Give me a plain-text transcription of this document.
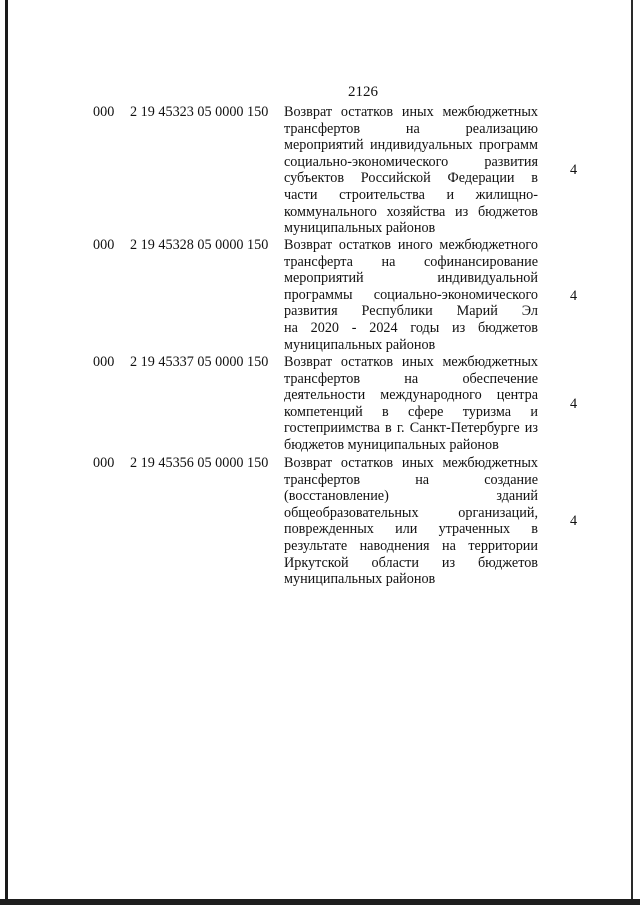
2126
000 2 19 45323 05 0000 150 Возврат остатков иных межбюджетных
трансфертов на реализацию
мероприятий индивидуальных программ
социально-экономического развития
субъектов Российской Федерации в
части строительства и жилищно-
коммунального хозяйства из бюджетов
муниципальных районов
4
000 2 19 45328 05 0000 150 Возврат остатков иного межбюджетного
трансферта на софинансирование
мероприятий индивидуальной
программы социально-экономического
развития Республики Марий Эл
на 2020 - 2024 годы из бюджетов
муниципальных районов
4
000 2 19 45337 05 0000 150 Возврат остатков иных межбюджетных
трансфертов на обеспечение
деятельности международного центра
компетенций в сфере туризма и
гостеприимства в г. Санкт-Петербурге из
бюджетов муниципальных районов
4
000 2 19 45356 05 0000 150 Возврат остатков иных межбюджетных
трансфертов на создание
(восстановление) зданий
общеобразовательных организаций,
поврежденных или утраченных в
результате наводнения на территории
Иркутской области из бюджетов
муниципальных районов
4
